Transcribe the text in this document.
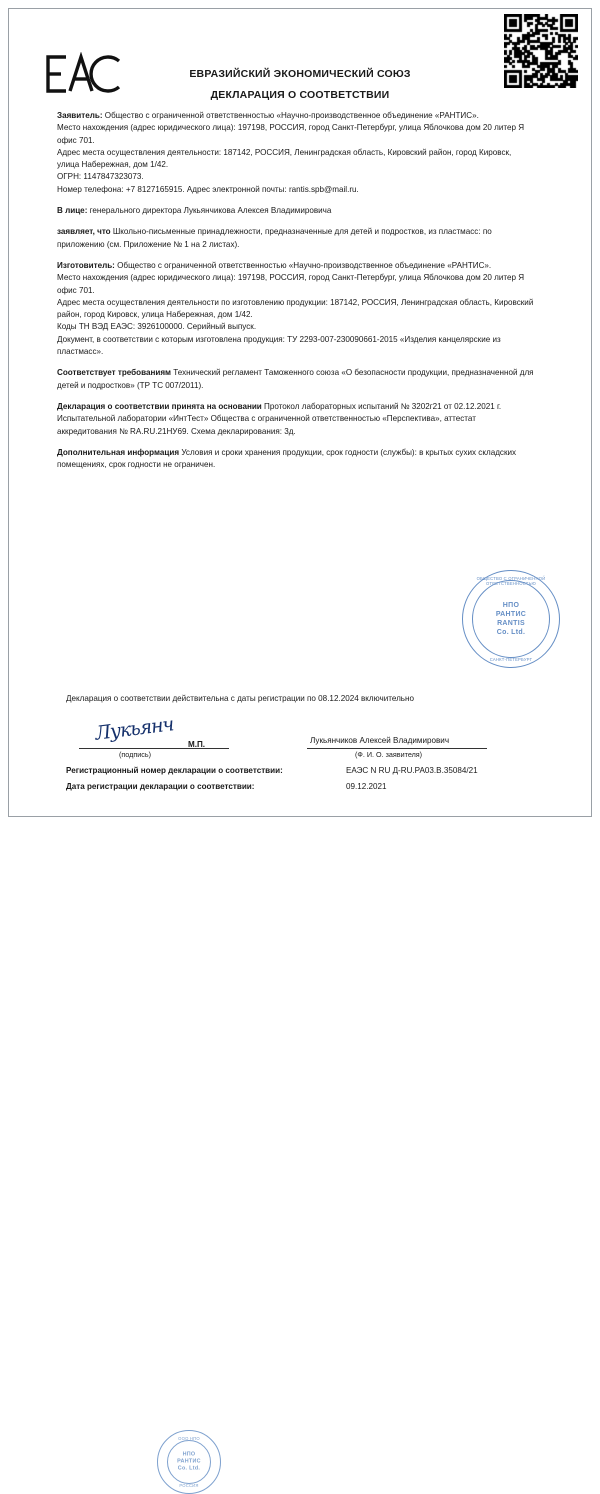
ЕВРАЗИЙСКИЙ ЭКОНОМИЧЕСКИЙ СОЮЗ
ДЕКЛАРАЦИЯ О СООТВЕТСТВИИ

Заявитель: Общество с ограниченной ответственностью «Научно-производственное объединение «РАНТИС».

Место нахождения (адрес юридического лица): 197198, РОССИЯ, город Санкт-Петербург, улица Яблочкова дом 20 литер Я офис 701.

Адрес места осуществления деятельности: 187142, РОССИЯ, Ленинградская область, Кировский район, город Кировск, улица Набережная, дом 1/42.

ОГРН: 1147847323073.

Номер телефона: +7 8127165915. Адрес электронной почты: rantis.spb@mail.ru.

В лице: генерального директора Лукьянчикова Алексея Владимировича

заявляет, что Школьно-письменные принадлежности, предназначенные для детей и подростков, из пластмасс: по приложению (см. Приложение № 1 на 2 листах).

Изготовитель: Общество с ограниченной ответственностью «Научно-производственное объединение «РАНТИС».

Место нахождения (адрес юридического лица): 197198, РОССИЯ, город Санкт-Петербург, улица Яблочкова дом 20 литер Я офис 701.

Адрес места осуществления деятельности по изготовлению продукции: 187142, РОССИЯ, Ленинградская область, Кировский район, город Кировск, улица Набережная, дом 1/42.

Коды ТН ВЭД ЕАЭС: 3926100000. Серийный выпуск.

Документ, в соответствии с которым изготовлена продукция: ТУ 2293-007-230090661-2015 «Изделия канцелярские из пластмасс».

Соответствует требованиям Технический регламент Таможенного союза «О безопасности продукции, предназначенной для детей и подростков» (ТР ТС 007/2011).

Декларация о соответствии принята на основании Протокол лабораторных испытаний № 3202г21 от 02.12.2021 г. Испытательной лаборатории «ИнтТест» Общества с ограниченной ответственностью «Перспектива», аттестат аккредитования № RA.RU.21НУ69. Схема декларирования: 3д.

Дополнительная информация Условия и сроки хранения продукции, срок годности (службы): в крытых сухих складских помещениях, срок годности не ограничен.

ОБЩЕСТВО С ОГРАНИЧЕННОЙ ОТВЕТСТВЕННОСТЬЮ
НПО
РАНТИС
RANTIS
Co. Ltd.
САНКТ-ПЕТЕРБУРГ
Декларация о соответствии действительна с даты регистрации по 08.12.2024 включительно
Лукьянч
ООО НПО
НПО
РАНТИС
Co. Ltd.
РОССИЯ
М.П.
(подпись)
Лукьянчиков Алексей Владимирович
(Ф. И. О. заявителя)
Регистрационный номер декларации о соответствии:	ЕАЭС N RU Д-RU.РА03.В.35084/21
Дата регистрации декларации о соответствии:	09.12.2021
